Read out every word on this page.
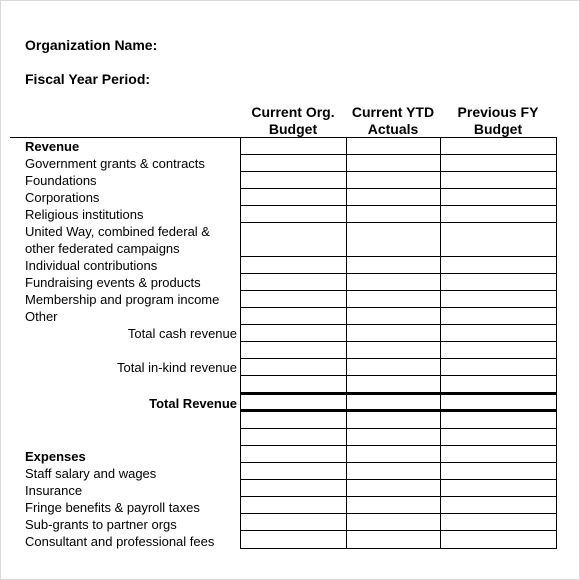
Organization Name:
Fiscal Year Period:
Current Org.
Budget
Current YTD
Actuals
Previous FY
Budget
Revenue
Government grants & contracts
Foundations
Corporations
Religious institutions
United Way, combined federal &
other federated campaigns
Individual contributions
Fundraising events & products
Membership and program income
Other
Total cash revenue
Total in-kind revenue
Total Revenue
Expenses
Staff salary and wages
Insurance
Fringe benefits & payroll taxes
Sub-grants to partner orgs
Consultant and professional fees
